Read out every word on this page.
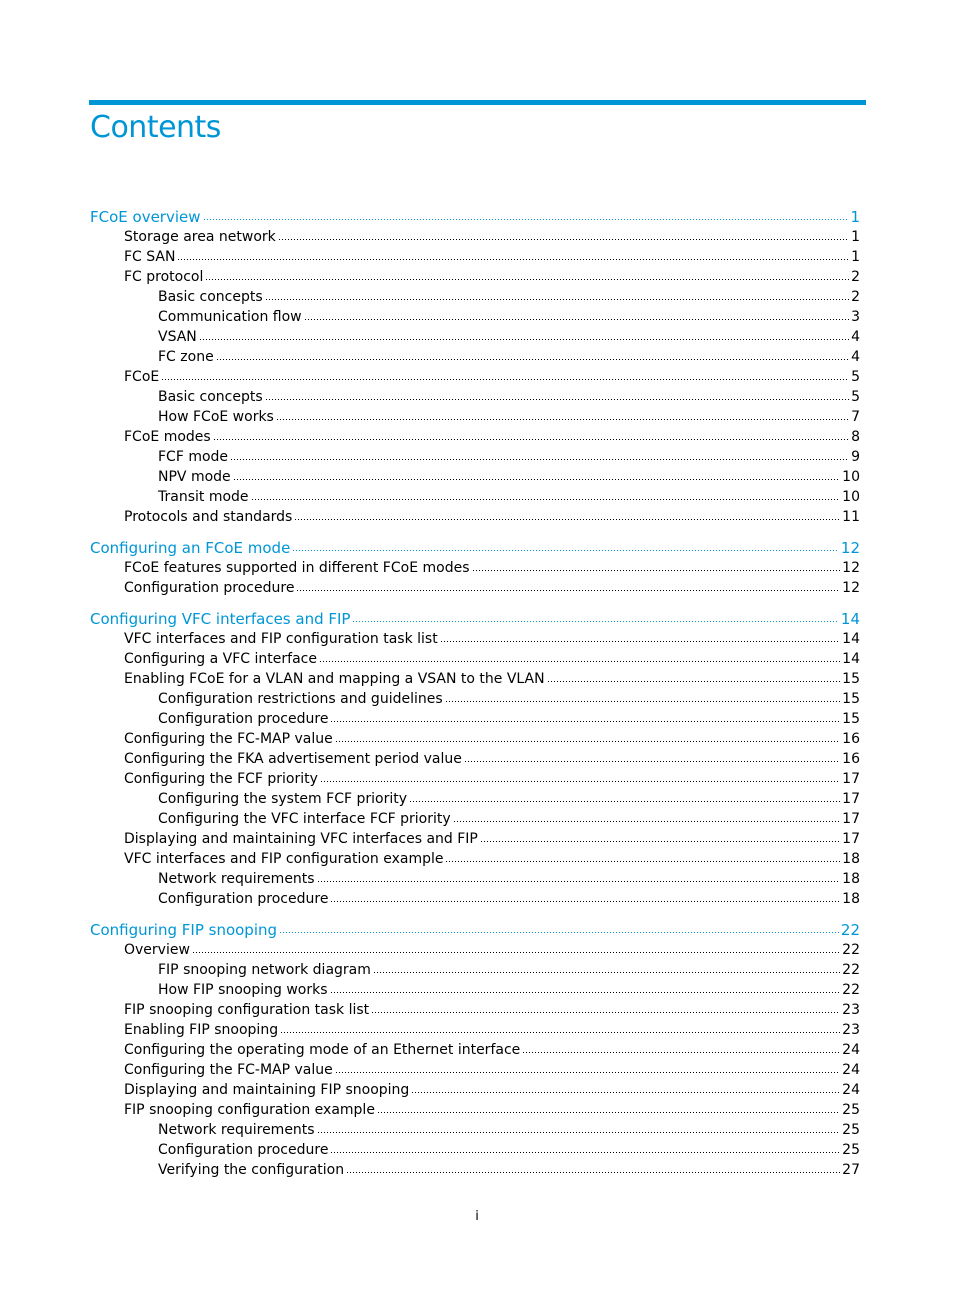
Contents
FCoE overview	1
Storage area network	1
FC SAN	1
FC protocol	2
Basic concepts	2
Communication flow	3
VSAN	4
FC zone	4
FCoE	5
Basic concepts	5
How FCoE works	7
FCoE modes	8
FCF mode	9
NPV mode	10
Transit mode	10
Protocols and standards	11
Configuring an FCoE mode	12
FCoE features supported in different FCoE modes	12
Configuration procedure	12
Configuring VFC interfaces and FIP	14
VFC interfaces and FIP configuration task list	14
Configuring a VFC interface	14
Enabling FCoE for a VLAN and mapping a VSAN to the VLAN	15
Configuration restrictions and guidelines	15
Configuration procedure	15
Configuring the FC-MAP value	16
Configuring the FKA advertisement period value	16
Configuring the FCF priority	17
Configuring the system FCF priority	17
Configuring the VFC interface FCF priority	17
Displaying and maintaining VFC interfaces and FIP	17
VFC interfaces and FIP configuration example	18
Network requirements	18
Configuration procedure	18
Configuring FIP snooping	22
Overview	22
FIP snooping network diagram	22
How FIP snooping works	22
FIP snooping configuration task list	23
Enabling FIP snooping	23
Configuring the operating mode of an Ethernet interface	24
Configuring the FC-MAP value	24
Displaying and maintaining FIP snooping	24
FIP snooping configuration example	25
Network requirements	25
Configuration procedure	25
Verifying the configuration	27
i
